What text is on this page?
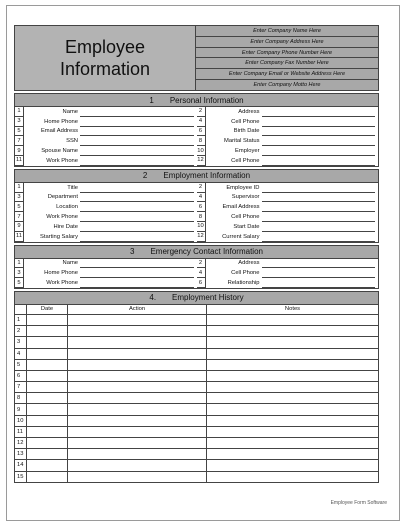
Employee
Information
Enter Company Name Here
Enter Company Address Here
Enter Company Phone Number Here
Enter Company Fax Number Here
Enter Company Email or Website Address Here
Enter Company Motto Here
1 Personal Information
1	Name	2	Address
3	Home Phone	4	Cell Phone
5	Email Address	6	Birth Date
7	SSN	8	Marital Status
9	Spouse Name	10	Employer
11	Work Phone	12	Cell Phone
2 Employment Information
1	Title	2	Employee ID
3	Department	4	Supervisor
5	Location	6	Email Address
7	Work Phone	8	Cell Phone
9	Hire Date	10	Start Date
11	Starting Salary	12	Current Salary
3 Emergency Contact Information
1	Name	2	Address
3	Home Phone	4	Cell Phone
5	Work Phone	6	Relationship
4. Employment History
Date	Action	Notes
1
2
3
4
5
6
7
8
9
10
11
12
13
14
15
Employee Form Software
